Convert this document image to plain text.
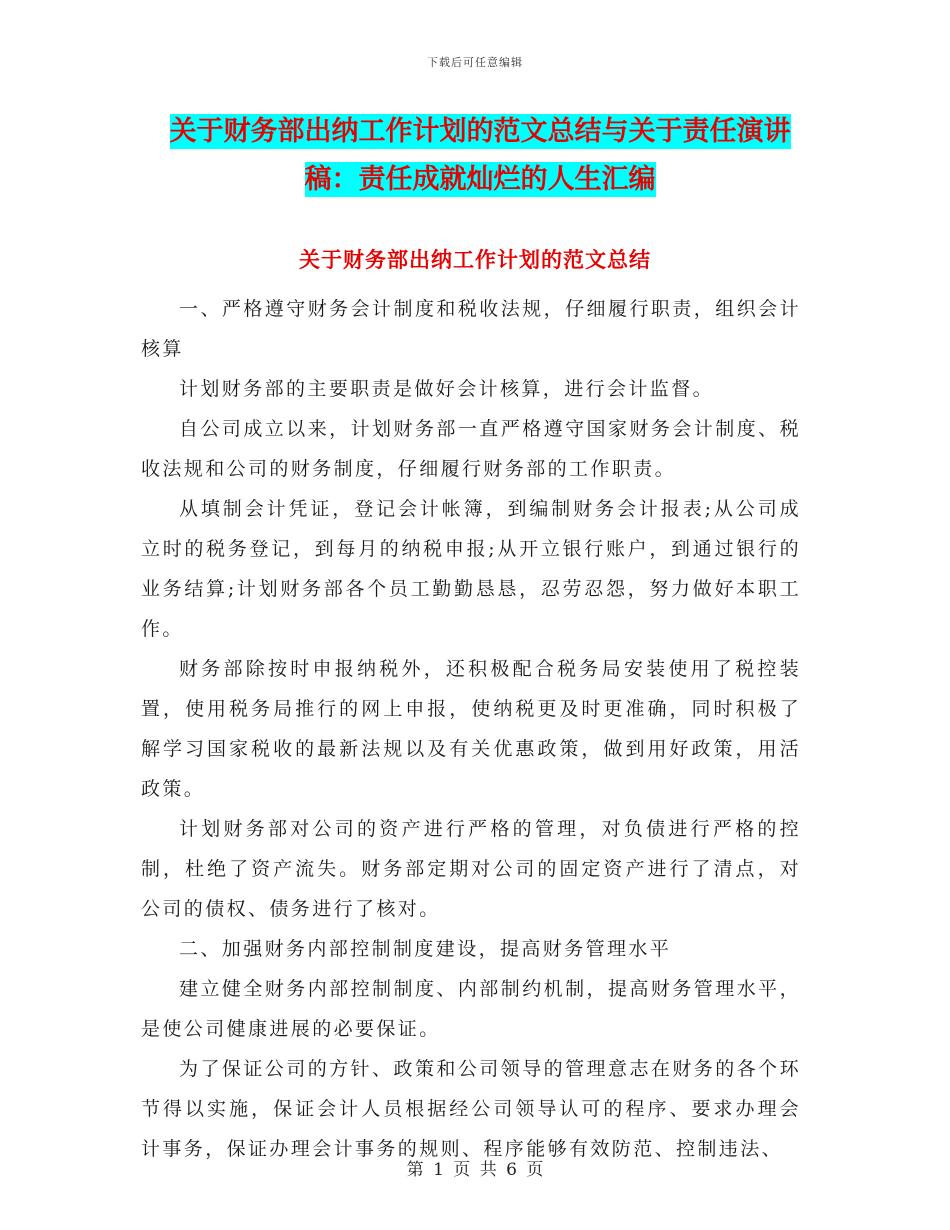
下载后可任意编辑
关于财务部出纳工作计划的范文总结与关于责任演讲
稿：责任成就灿烂的人生汇编
关于财务部出纳工作计划的范文总结

一、严格遵守财务会计制度和税收法规，仔细履行职责，组织会计核算

计划财务部的主要职责是做好会计核算，进行会计监督。

自公司成立以来，计划财务部一直严格遵守国家财务会计制度、税收法规和公司的财务制度，仔细履行财务部的工作职责。

从填制会计凭证，登记会计帐簿，到编制财务会计报表;从公司成立时的税务登记，到每月的纳税申报;从开立银行账户，到通过银行的业务结算;计划财务部各个员工勤勤恳恳，忍劳忍怨，努力做好本职工作。

财务部除按时申报纳税外，还积极配合税务局安装使用了税控装置，使用税务局推行的网上申报，使纳税更及时更准确，同时积极了解学习国家税收的最新法规以及有关优惠政策，做到用好政策，用活政策。

计划财务部对公司的资产进行严格的管理，对负债进行严格的控制，杜绝了资产流失。财务部定期对公司的固定资产进行了清点，对公司的债权、债务进行了核对。

二、加强财务内部控制制度建设，提高财务管理水平

建立健全财务内部控制制度、内部制约机制，提高财务管理水平，是使公司健康进展的必要保证。

为了保证公司的方针、政策和公司领导的管理意志在财务的各个环节得以实施，保证会计人员根据经公司领导认可的程序、要求办理会计事务，保证办理会计事务的规则、程序能够有效防范、控制违法、

第 1 页 共 6 页
